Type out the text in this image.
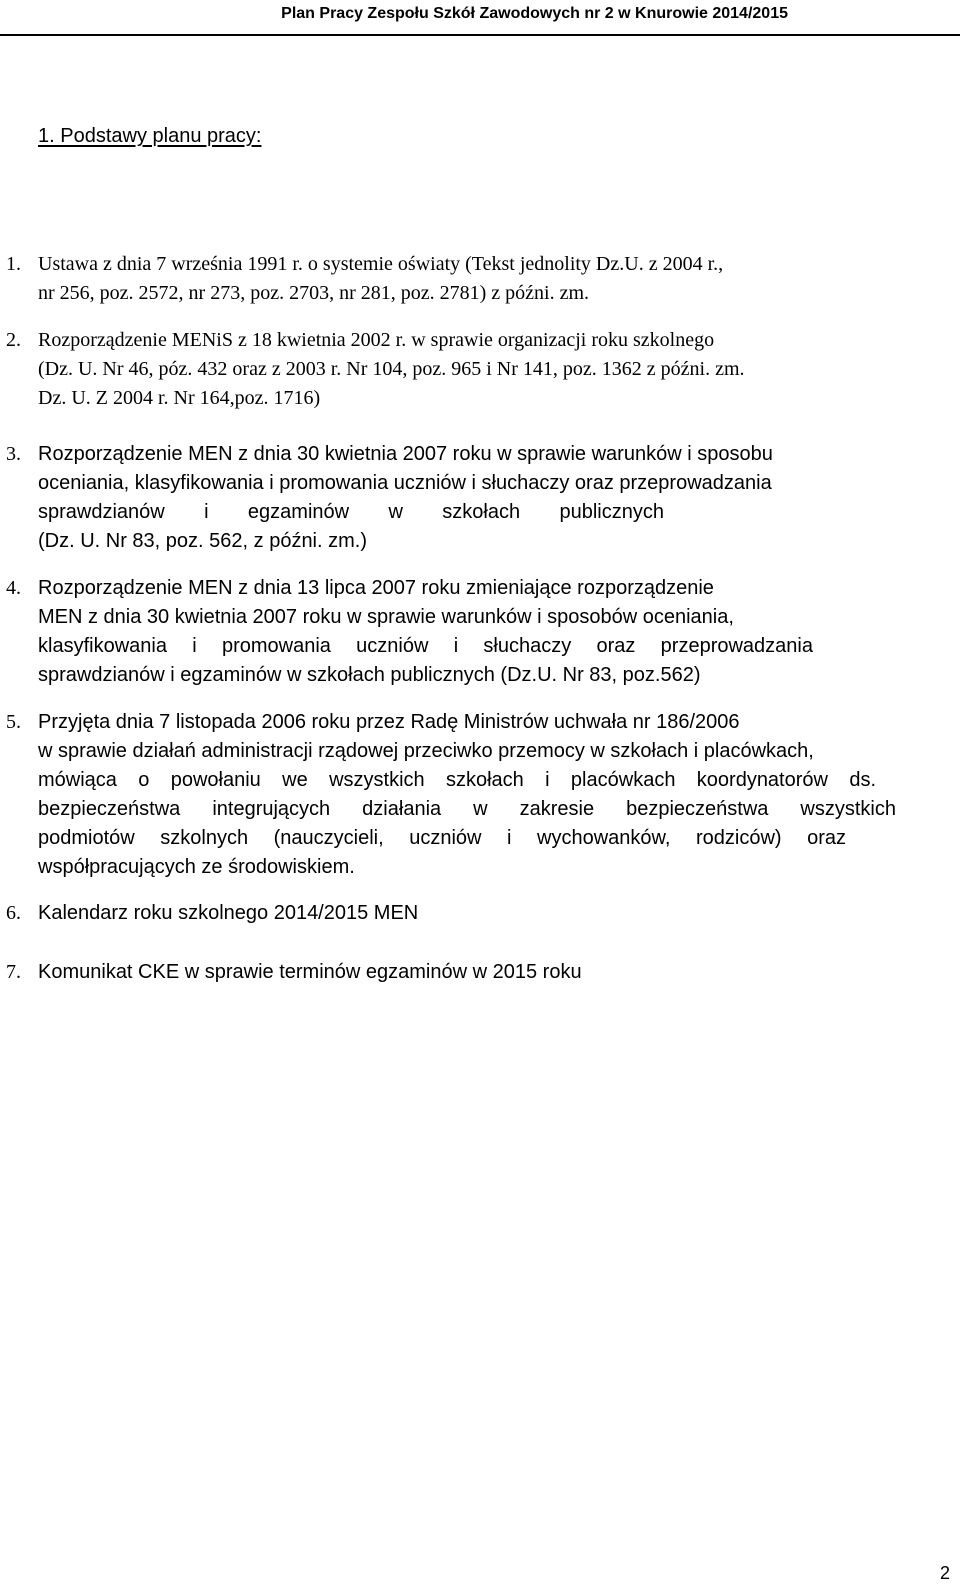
Plan Pracy Zespołu Szkół Zawodowych nr 2 w Knurowie 2014/2015
1. Podstawy planu pracy:
1. Ustawa z dnia 7 września 1991 r. o systemie oświaty (Tekst jednolity Dz.U. z 2004 r.,
nr 256, poz. 2572, nr 273, poz. 2703, nr 281, poz. 2781) z późni. zm.
2. Rozporządzenie MENiS z 18 kwietnia 2002 r. w sprawie organizacji roku szkolnego
(Dz. U. Nr 46, póz. 432 oraz z 2003 r. Nr 104, poz. 965 i Nr 141, poz. 1362 z późni. zm.
Dz. U. Z 2004 r. Nr 164,poz. 1716)
3. Rozporządzenie MEN z dnia 30 kwietnia 2007 roku w sprawie warunków i sposobu
oceniania, klasyfikowania i promowania uczniów i słuchaczy oraz przeprowadzania
sprawdzianów i egzaminów w szkołach publicznych
(Dz. U. Nr 83, poz. 562, z późni. zm.)
4. Rozporządzenie MEN z dnia 13 lipca 2007 roku zmieniające rozporządzenie
MEN z dnia 30 kwietnia 2007 roku w sprawie warunków i sposobów oceniania,
klasyfikowania i promowania uczniów i słuchaczy oraz przeprowadzania
sprawdzianów i egzaminów w szkołach publicznych (Dz.U. Nr 83, poz.562)
5. Przyjęta dnia 7 listopada 2006 roku przez Radę Ministrów uchwała nr 186/2006
w sprawie działań administracji rządowej przeciwko przemocy w szkołach i placówkach,
mówiąca o powołaniu we wszystkich szkołach i placówkach koordynatorów ds.
bezpieczeństwa integrujących działania w zakresie bezpieczeństwa wszystkich
podmiotów szkolnych (nauczycieli, uczniów i wychowanków, rodziców) oraz
współpracujących ze środowiskiem.
6. Kalendarz roku szkolnego 2014/2015 MEN
7. Komunikat CKE w sprawie terminów egzaminów w 2015 roku
2
